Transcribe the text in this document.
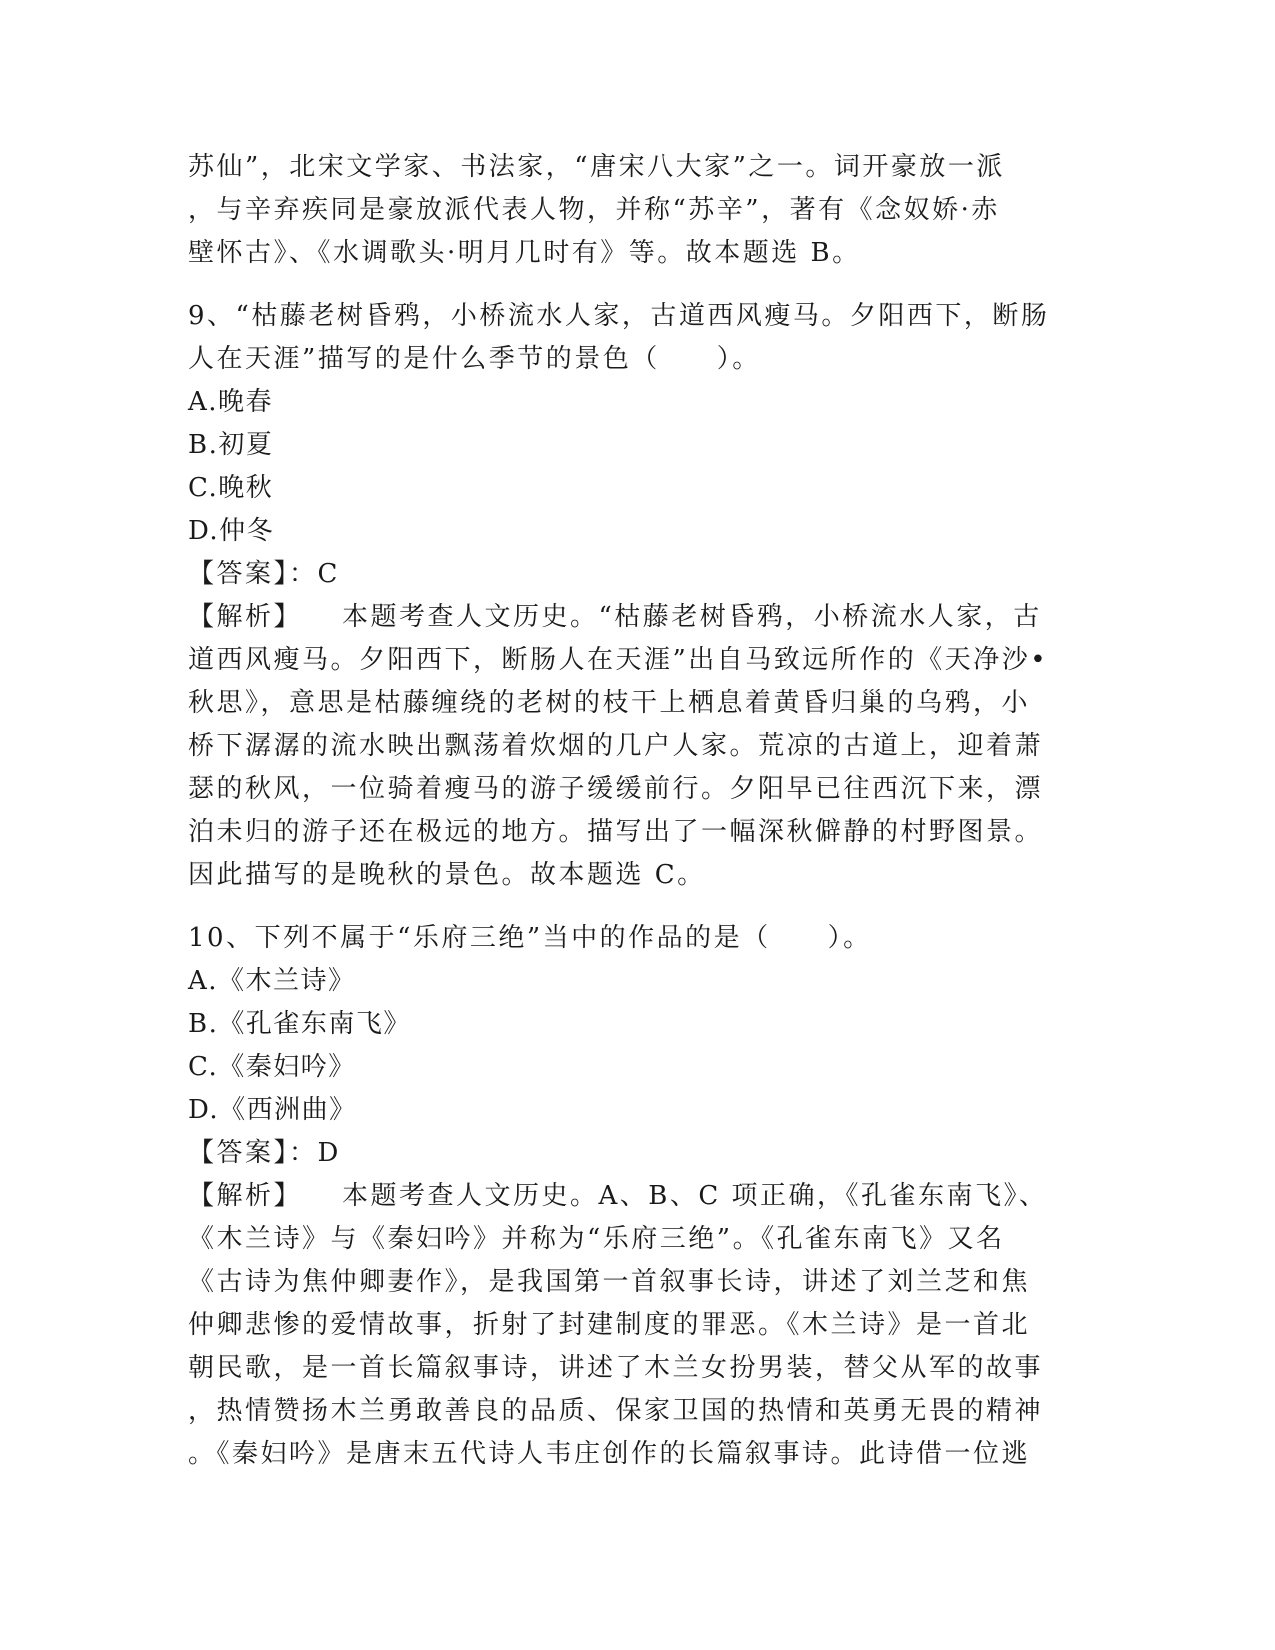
苏仙”，北宋文学家、书法家，“唐宋八大家”之一。词开豪放一派
，与辛弃疾同是豪放派代表人物，并称“苏辛”，著有《念奴娇·赤
壁怀古》、《水调歌头·明月几时有》等。故本题选 B。
9、“枯藤老树昏鸦，小桥流水人家，古道西风瘦马。夕阳西下，断肠
人在天涯”描写的是什么季节的景色（　　）。
A.晚春
B.初夏
C.晚秋
D.仲冬
【答案】：C
【解析】 本题考查人文历史。“枯藤老树昏鸦，小桥流水人家，古
道西风瘦马。夕阳西下，断肠人在天涯”出自马致远所作的《天净沙•
秋思》，意思是枯藤缠绕的老树的枝干上栖息着黄昏归巢的乌鸦，小
桥下潺潺的流水映出飘荡着炊烟的几户人家。荒凉的古道上，迎着萧
瑟的秋风，一位骑着瘦马的游子缓缓前行。夕阳早已往西沉下来，漂
泊未归的游子还在极远的地方。描写出了一幅深秋僻静的村野图景。
因此描写的是晚秋的景色。故本题选 C。
10、下列不属于“乐府三绝”当中的作品的是（　　）。
A.《木兰诗》
B.《孔雀东南飞》
C.《秦妇吟》
D.《西洲曲》
【答案】：D
【解析】 本题考查人文历史。A、B、C 项正确，《孔雀东南飞》、
《木兰诗》与《秦妇吟》并称为“乐府三绝”。《孔雀东南飞》又名
《古诗为焦仲卿妻作》，是我国第一首叙事长诗，讲述了刘兰芝和焦
仲卿悲惨的爱情故事，折射了封建制度的罪恶。《木兰诗》是一首北
朝民歌，是一首长篇叙事诗，讲述了木兰女扮男装，替父从军的故事
，热情赞扬木兰勇敢善良的品质、保家卫国的热情和英勇无畏的精神
。《秦妇吟》是唐末五代诗人韦庄创作的长篇叙事诗。此诗借一位逃
